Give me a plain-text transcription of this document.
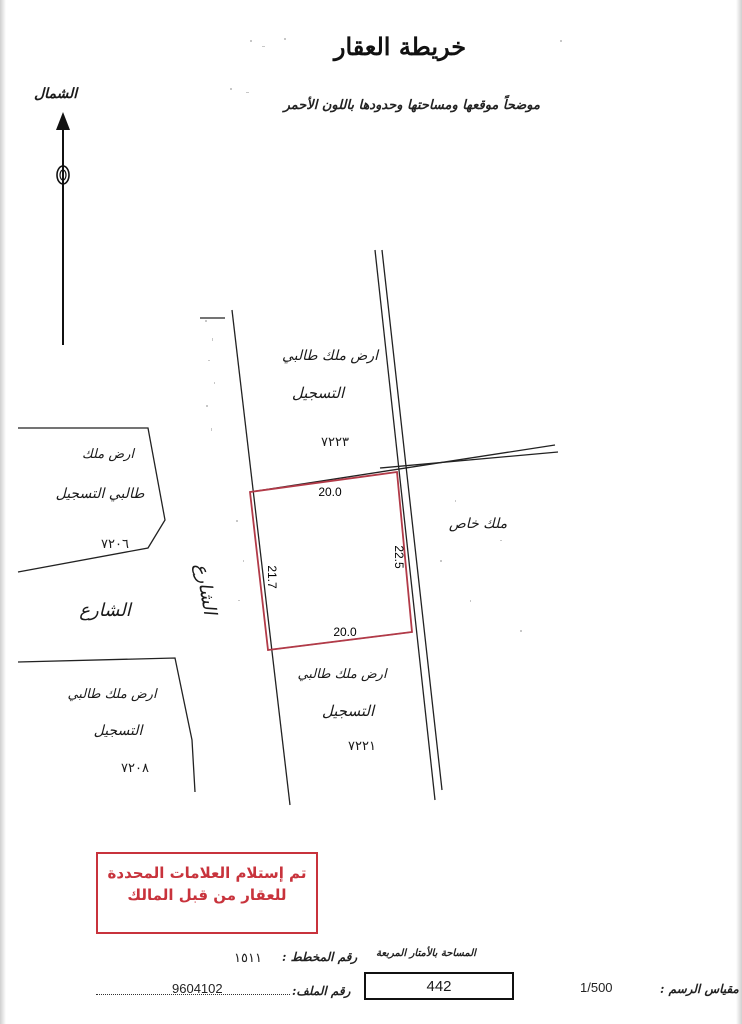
خريطة العقار
موضحاً موقعها ومساحتها وحدودها باللون الأحمر
الشمال
20.0
20.0
21.7
22.5
ارض ملك طالبي
التسجيل
٧٢٢٣
ارض ملك
طالبي التسجيل
٧٢٠٦
الشارع	الشارع
ارض ملك طالبي
التسجيل
٧٢٠٨
ارض ملك طالبي
التسجيل
٧٢٢١
ملك خاص
تم إستلام العلامات المحددة
للعقار من قبل المالك
رقم المخطط :
١٥١١
رقم الملف:
9604102
المساحة بالأمتار المربعة
442	1/500	مقياس الرسم :
